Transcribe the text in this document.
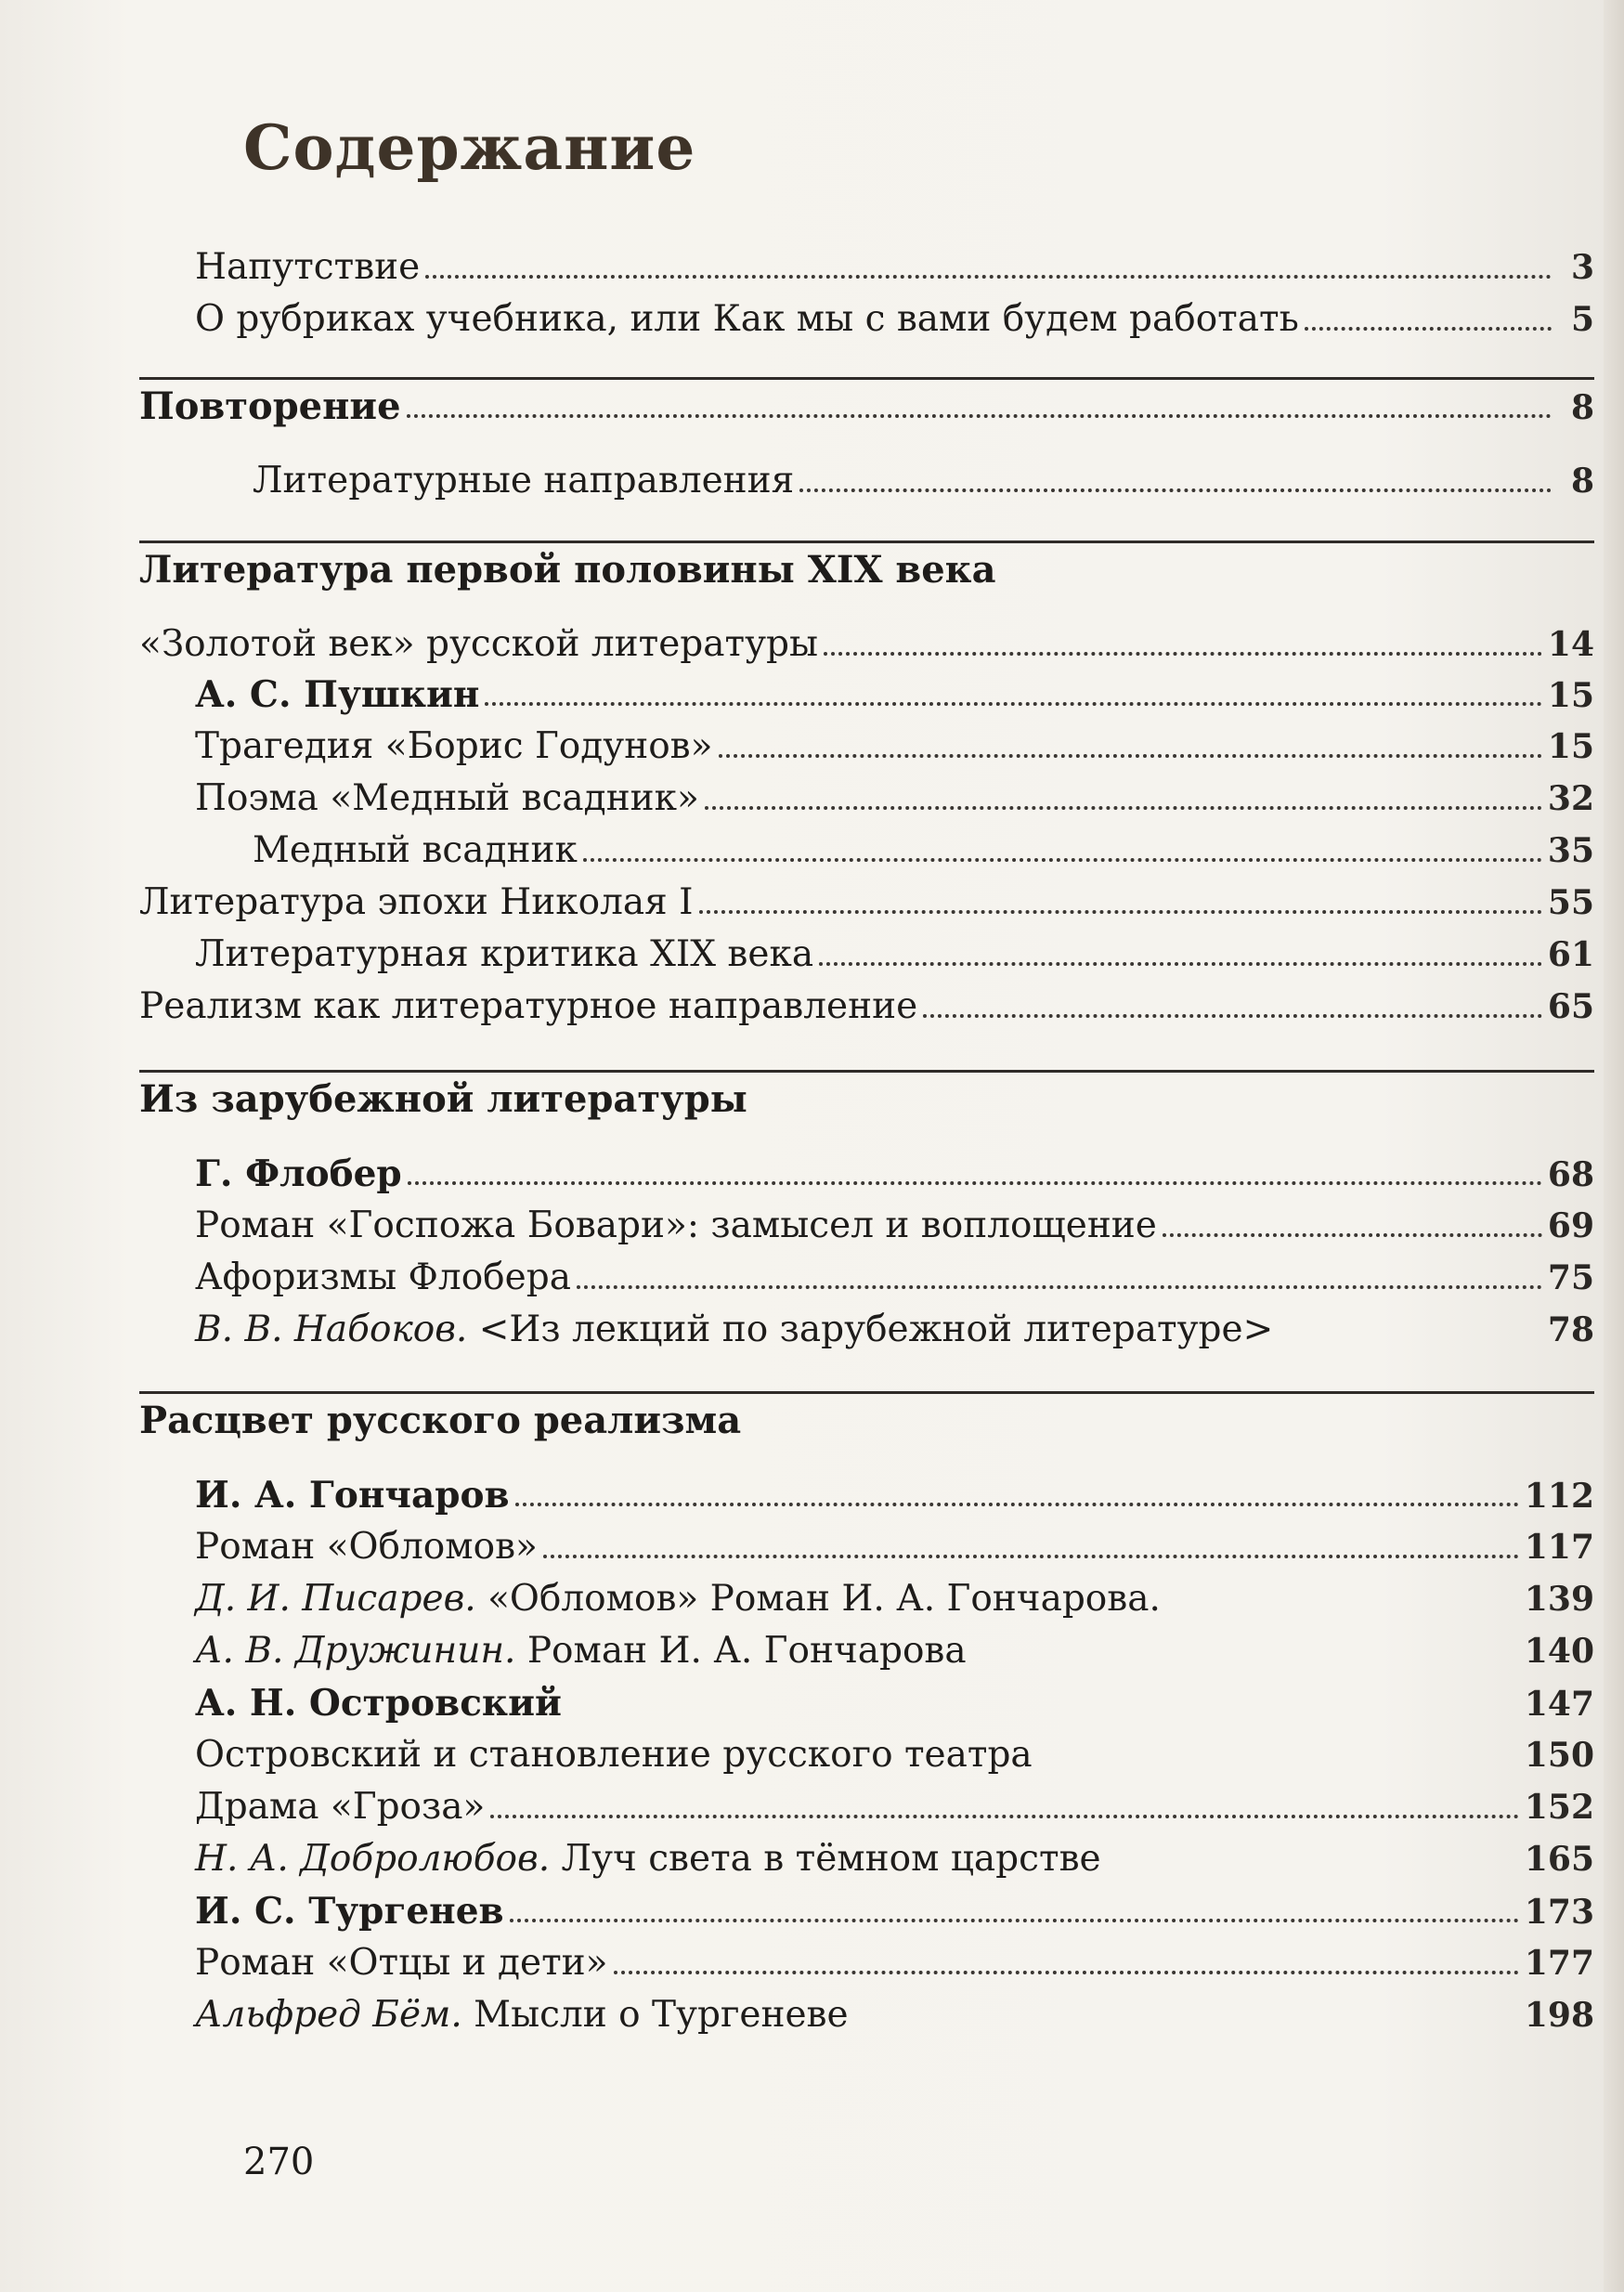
Содержание
Напутствие	3
О рубриках учебника, или Как мы с вами будем работать	5
Повторение	8
Литературные направления	8
Литература первой половины XIX века
«Золотой век» русской литературы	14
А. С. Пушкин	15
Трагедия «Борис Годунов»	15
Поэма «Медный всадник»	32
Медный всадник	35
Литература эпохи Николая I	55
Литературная критика XIX века	61
Реализм как литературное направление	65
Из зарубежной литературы
Г. Флобер	68
Роман «Госпожа Бовари»: замысел и воплощение	69
Афоризмы Флобера	75
В. В. Набоков. <Из лекций по зарубежной литературе>	78
Расцвет русского реализма
И. А. Гончаров	112
Роман «Обломов»	117
Д. И. Писарев. «Обломов» Роман И. А. Гончарова.	139
А. В. Дружинин. Роман И. А. Гончарова	140
А. Н. Островский	147
Островский и становление русского театра	150
Драма «Гроза»	152
Н. А. Добролюбов. Луч света в тёмном царстве	165
И. С. Тургенев	173
Роман «Отцы и дети»	177
Альфред Бём. Мысли о Тургеневе	198
270
